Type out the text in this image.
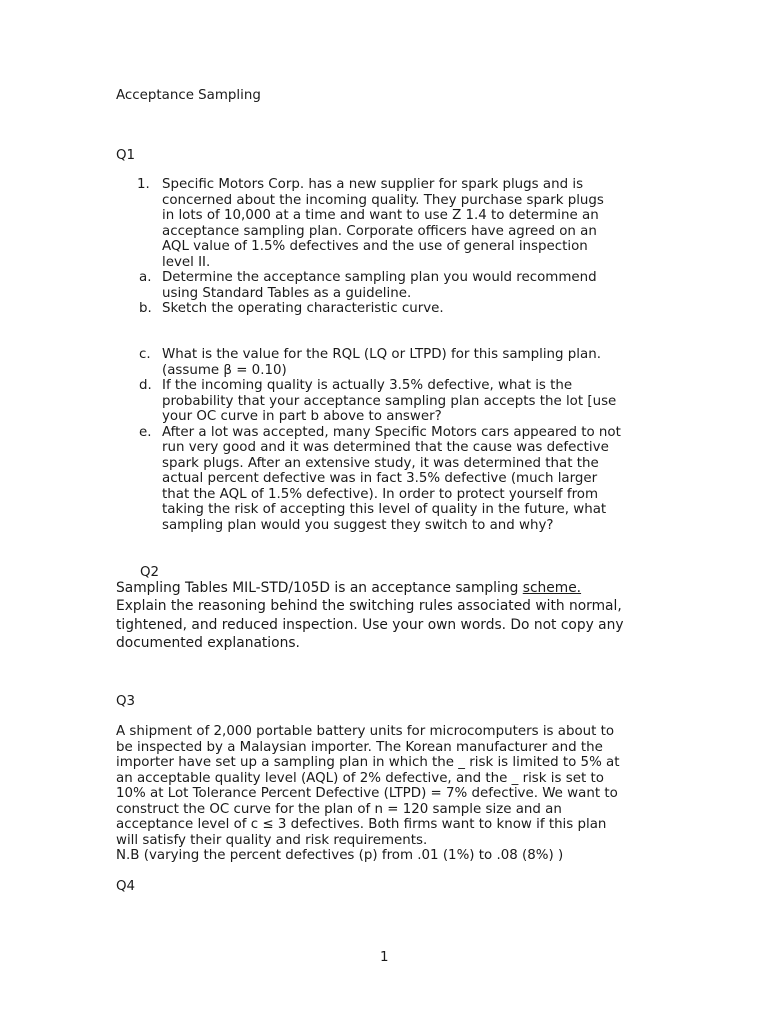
Acceptance Sampling
Q1
1. Specific Motors Corp. has a new supplier for spark plugs and is
concerned about the incoming quality. They purchase spark plugs
in lots of 10,000 at a time and want to use Z 1.4 to determine an
acceptance sampling plan. Corporate officers have agreed on an
AQL value of 1.5% defectives and the use of general inspection
level II.
a. Determine the acceptance sampling plan you would recommend
using Standard Tables as a guideline.
b. Sketch the operating characteristic curve.
c. What is the value for the RQL (LQ or LTPD) for this sampling plan.
(assume β = 0.10)
d. If the incoming quality is actually 3.5% defective, what is the
probability that your acceptance sampling plan accepts the lot [use
your OC curve in part b above to answer?
e. After a lot was accepted, many Specific Motors cars appeared to not
run very good and it was determined that the cause was defective
spark plugs. After an extensive study, it was determined that the
actual percent defective was in fact 3.5% defective (much larger
that the AQL of 1.5% defective). In order to protect yourself from
taking the risk of accepting this level of quality in the future, what
sampling plan would you suggest they switch to and why?
Q2
Sampling Tables MIL-STD/105D is an acceptance sampling scheme.
Explain the reasoning behind the switching rules associated with normal,
tightened, and reduced inspection. Use your own words. Do not copy any
documented explanations.
Q3
A shipment of 2,000 portable battery units for microcomputers is about to
be inspected by a Malaysian importer. The Korean manufacturer and the
importer have set up a sampling plan in which the _ risk is limited to 5% at
an acceptable quality level (AQL) of 2% defective, and the _ risk is set to
10% at Lot Tolerance Percent Defective (LTPD) = 7% defective. We want to
construct the OC curve for the plan of n = 120 sample size and an
acceptance level of c ≤ 3 defectives. Both firms want to know if this plan
will satisfy their quality and risk requirements.
N.B (varying the percent defectives (p) from .01 (1%) to .08 (8%) )
Q4
1
